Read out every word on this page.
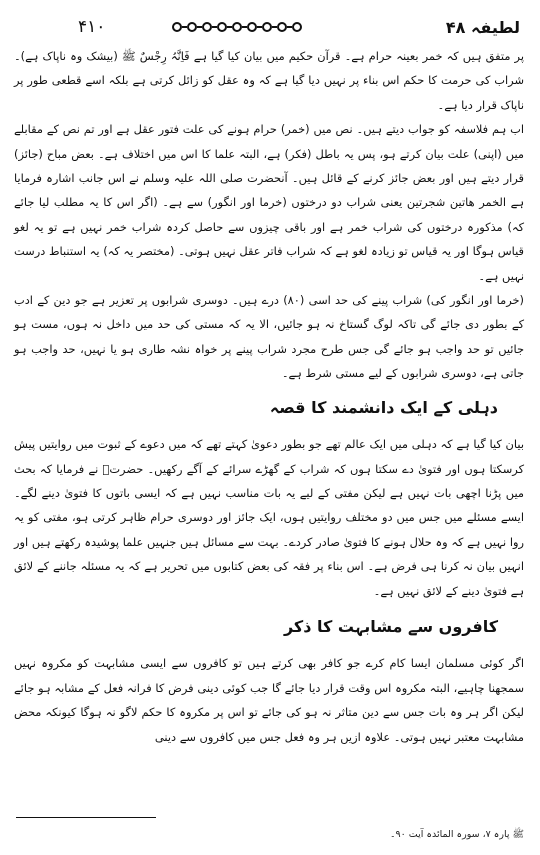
۴۱۰	لطیفہ ۴۸

پر متفق ہیں کہ خمر بعینہ حرام ہے۔ قرآن حکیم میں بیان کیا گیا ہے فَاِنَّہُ رِجْسٌ ﷺ (بیشک وہ ناپاک ہے)۔ شراب کی حرمت کا حکم اس بناء پر نہیں دیا گیا ہے کہ وہ عقل کو زائل کرتی ہے بلکہ اسے قطعی طور پر ناپاک قرار دیا ہے۔

اب ہم فلاسفہ کو جواب دیتے ہیں۔ نص میں (خمر) حرام ہونے کی علت فتور عقل ہے اور تم نص کے مقابلے میں (اپنی) علت بیان کرتے ہو، پس یہ باطل (فکر) ہے، البتہ علما کا اس میں اختلاف ہے۔ بعض مباح (جائز) قرار دیتے ہیں اور بعض جائز کرنے کے قائل ہیں۔ آنحضرت صلی اللہ علیہ وسلم نے اس جانب اشارہ فرمایا ہے الخمر ھاتین شجرتین یعنی شراب دو درختوں (خرما اور انگور) سے ہے۔ (اگر اس کا یہ مطلب لیا جائے کہ) مذکورہ درختوں کی شراب خمر ہے اور باقی چیزوں سے حاصل کردہ شراب خمر نہیں ہے تو یہ لغو قیاس ہوگا اور یہ قیاس تو زیادہ لغو ہے کہ شراب فاتر عقل نہیں ہوتی۔ (مختصر یہ کہ) یہ استنباط درست نہیں ہے۔

(خرما اور انگور کی) شراب پینے کی حد اسی (۸۰) درے ہیں۔ دوسری شرابوں پر تعزیر ہے جو دین کے ادب کے بطور دی جائے گی تاکہ لوگ گستاخ نہ ہو جائیں، الا یہ کہ مستی کی حد میں داخل نہ ہوں، مست ہو جائیں تو حد واجب ہو جائے گی جس طرح مجرد شراب پینے پر خواہ نشہ طاری ہو یا نہیں، حد واجب ہو جاتی ہے، دوسری شرابوں کے لیے مستی شرط ہے۔

دہلی کے ایک دانشمند کا قصہ

بیان کیا گیا ہے کہ دہلی میں ایک عالم تھے جو بطور دعویٰ کہتے تھے کہ میں دعوے کے ثبوت میں روایتیں پیش کرسکتا ہوں اور فتویٰ دے سکتا ہوں کہ شراب کے گھڑے سرائے کے آگے رکھیں۔ حضرتؒ نے فرمایا کہ بحث میں پڑنا اچھی بات نہیں ہے لیکن مفتی کے لیے یہ بات مناسب نہیں ہے کہ ایسی باتوں کا فتویٰ دینے لگے۔ ایسے مسئلے میں جس میں دو مختلف روایتیں ہوں، ایک جائز اور دوسری حرام ظاہر کرتی ہو، مفتی کو یہ روا نہیں ہے کہ وہ حلال ہونے کا فتویٰ صادر کردے۔ بہت سے مسائل ہیں جنہیں علما پوشیدہ رکھتے ہیں اور انہیں بیان نہ کرنا ہی فرض ہے۔ اس بناء پر فقہ کی بعض کتابوں میں تحریر ہے کہ یہ مسئلہ جاننے کے لائق ہے فتویٰ دینے کے لائق نہیں ہے۔

کافروں سے مشابہت کا ذکر

اگر کوئی مسلمان ایسا کام کرے جو کافر بھی کرتے ہیں تو کافروں سے ایسی مشابہت کو مکروہ نہیں سمجھنا چاہیے، البتہ مکروہ اس وقت قرار دیا جائے گا جب کوئی دینی فرض کا فرانہ فعل کے مشابہ ہو جائے لیکن اگر ہر وہ بات جس سے دین متاثر نہ ہو کی جائے تو اس پر مکروہ کا حکم لاگو نہ ہوگا کیونکہ محض مشابہت معتبر نہیں ہوتی۔ علاوہ ازیں ہر وہ فعل جس میں کافروں سے دینی

ﷺ پارہ ۷، سورہ المائدہ آیت ۹۰۔
